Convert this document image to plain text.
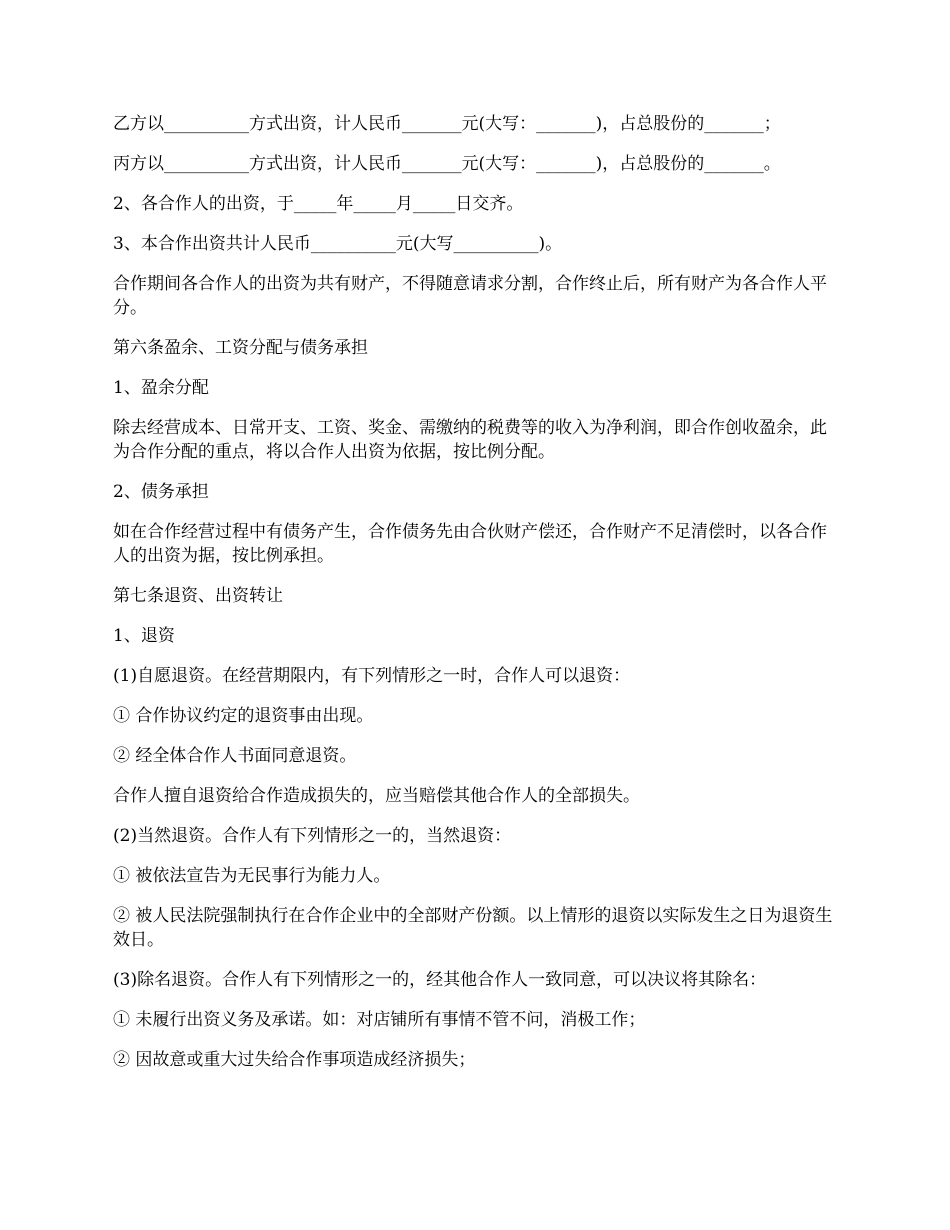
乙方以__________方式出资，计人民币_______元(大写：_______)，占总股份的_______；

丙方以__________方式出资，计人民币_______元(大写：_______)，占总股份的_______。

2、各合作人的出资，于_____年_____月_____日交齐。

3、本合作出资共计人民币__________元(大写__________)。

合作期间各合作人的出资为共有财产，不得随意请求分割，合作终止后，所有财产为各合作人平分。

第六条盈余、工资分配与债务承担

1、盈余分配

除去经营成本、日常开支、工资、奖金、需缴纳的税费等的收入为净利润，即合作创收盈余，此为合作分配的重点，将以合作人出资为依据，按比例分配。

2、债务承担

如在合作经营过程中有债务产生，合作债务先由合伙财产偿还，合作财产不足清偿时，以各合作人的出资为据，按比例承担。

第七条退资、出资转让

1、退资

(1)自愿退资。在经营期限内，有下列情形之一时，合作人可以退资：

① 合作协议约定的退资事由出现。

② 经全体合作人书面同意退资。

合作人擅自退资给合作造成损失的，应当赔偿其他合作人的全部损失。

(2)当然退资。合作人有下列情形之一的，当然退资：

① 被依法宣告为无民事行为能力人。

② 被人民法院强制执行在合作企业中的全部财产份额。以上情形的退资以实际发生之日为退资生效日。

(3)除名退资。合作人有下列情形之一的，经其他合作人一致同意，可以决议将其除名：

① 未履行出资义务及承诺。如：对店铺所有事情不管不问，消极工作；

② 因故意或重大过失给合作事项造成经济损失；
